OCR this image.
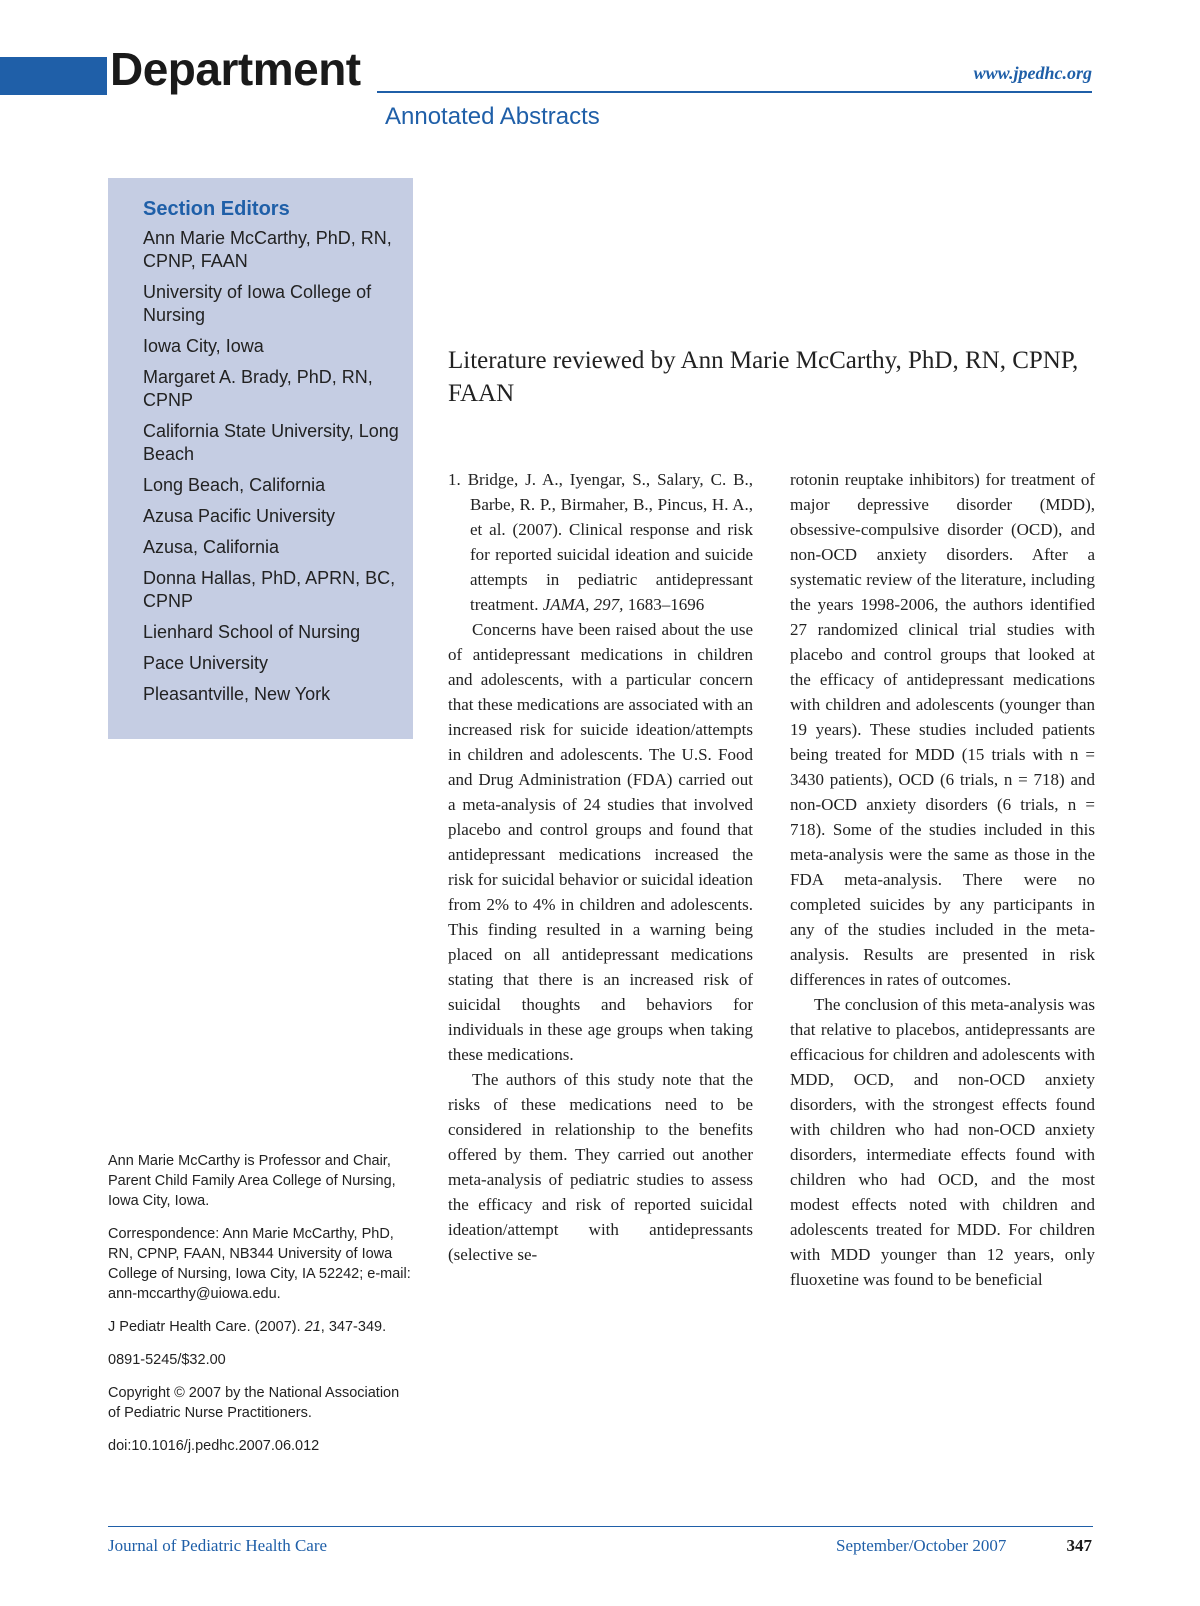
Department	www.jpedhc.org
Annotated Abstracts
Section Editors

Ann Marie McCarthy, PhD, RN, CPNP, FAAN

University of Iowa College of Nursing

Iowa City, Iowa

Margaret A. Brady, PhD, RN, CPNP

California State University, Long Beach

Long Beach, California

Azusa Pacific University

Azusa, California

Donna Hallas, PhD, APRN, BC, CPNP

Lienhard School of Nursing

Pace University

Pleasantville, New York

Ann Marie McCarthy is Professor and Chair, Parent Child Family Area College of Nursing, Iowa City, Iowa.

Correspondence: Ann Marie McCarthy, PhD, RN, CPNP, FAAN, NB344 University of Iowa College of Nursing, Iowa City, IA 52242; e-mail: ann-mccarthy@uiowa.edu.

J Pediatr Health Care. (2007). 21, 347-349.

0891-5245/$32.00

Copyright © 2007 by the National Association of Pediatric Nurse Practitioners.

doi:10.1016/j.pedhc.2007.06.012

Literature reviewed by Ann Marie McCarthy, PhD, RN, CPNP, FAAN

1. Bridge, J. A., Iyengar, S., Salary, C. B., Barbe, R. P., Birmaher, B., Pincus, H. A., et al. (2007). Clinical response and risk for reported suicidal ideation and suicide attempts in pediatric antidepressant treatment. JAMA, 297, 1683–1696

Concerns have been raised about the use of antidepressant medications in children and adolescents, with a particular concern that these medications are associated with an increased risk for suicide ideation/attempts in children and adolescents. The U.S. Food and Drug Administration (FDA) carried out a meta-analysis of 24 studies that involved placebo and control groups and found that antidepressant medications increased the risk for suicidal behavior or suicidal ideation from 2% to 4% in children and adolescents. This finding resulted in a warning being placed on all antidepressant medications stating that there is an increased risk of suicidal thoughts and behaviors for individuals in these age groups when taking these medications.

The authors of this study note that the risks of these medications need to be considered in relationship to the benefits offered by them. They carried out another meta-analysis of pediatric studies to assess the efficacy and risk of reported suicidal ideation/attempt with antidepressants (selective se-

rotonin reuptake inhibitors) for treatment of major depressive disorder (MDD), obsessive-compulsive disorder (OCD), and non-OCD anxiety disorders. After a systematic review of the literature, including the years 1998-2006, the authors identified 27 randomized clinical trial studies with placebo and control groups that looked at the efficacy of antidepressant medications with children and adolescents (younger than 19 years). These studies included patients being treated for MDD (15 trials with n = 3430 patients), OCD (6 trials, n = 718) and non-OCD anxiety disorders (6 trials, n = 718). Some of the studies included in this meta-analysis were the same as those in the FDA meta-analysis. There were no completed suicides by any participants in any of the studies included in the meta-analysis. Results are presented in risk differences in rates of outcomes.

The conclusion of this meta-analysis was that relative to placebos, antidepressants are efficacious for children and adolescents with MDD, OCD, and non-OCD anxiety disorders, with the strongest effects found with children who had non-OCD anxiety disorders, intermediate effects found with children who had OCD, and the most modest effects noted with children and adolescents treated for MDD. For children with MDD younger than 12 years, only fluoxetine was found to be beneficial

Journal of Pediatric Health Care	September/October 2007	347
